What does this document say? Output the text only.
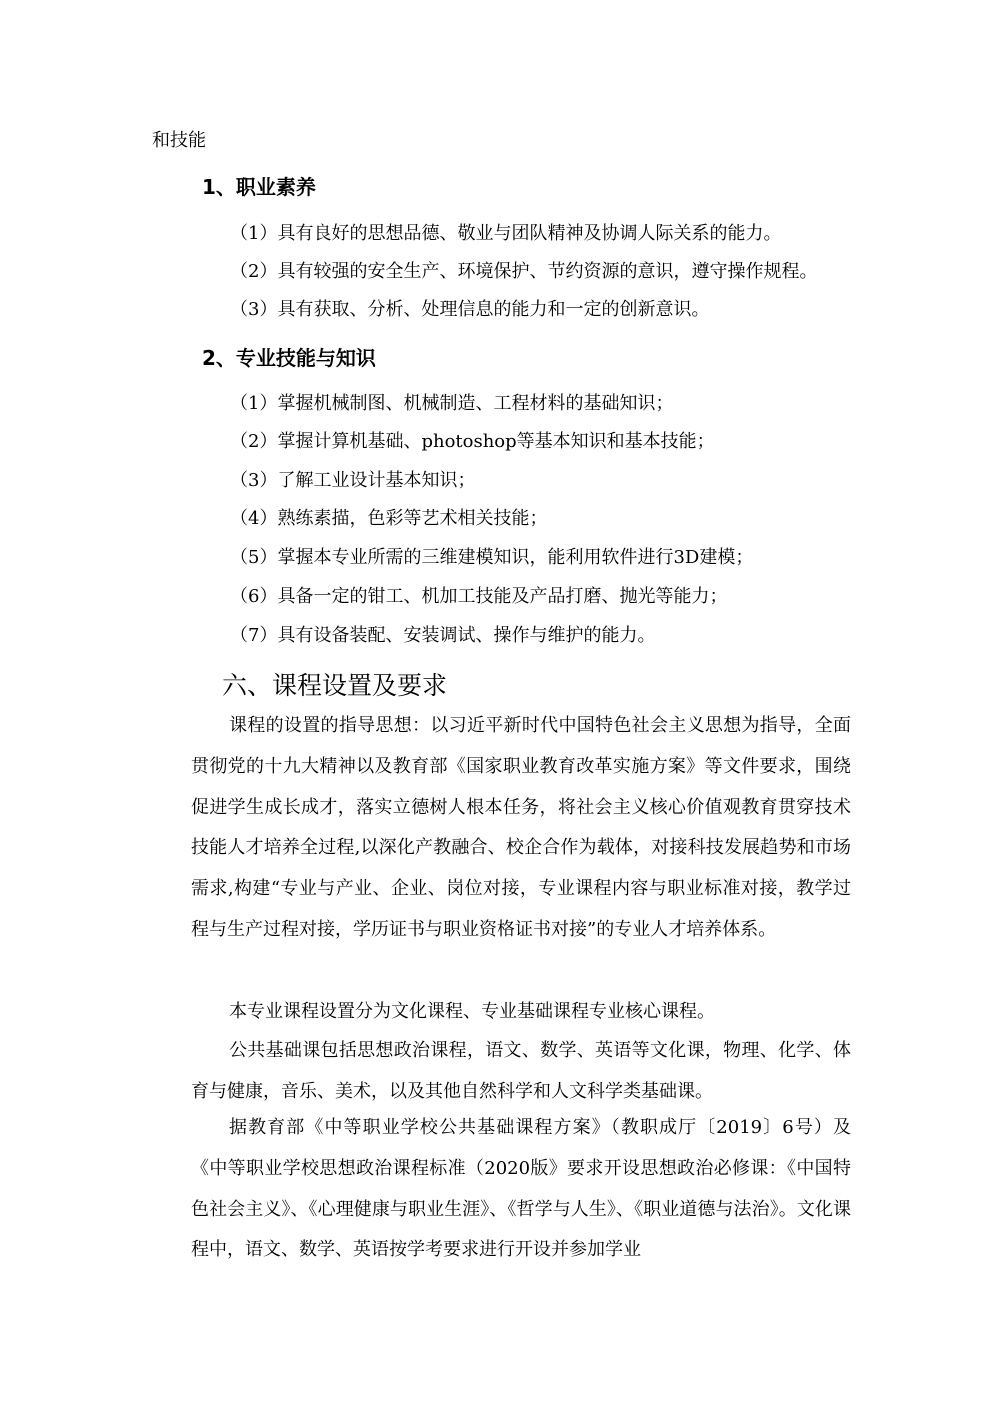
和技能
1、职业素养
（1）具有良好的思想品德、敬业与团队精神及协调人际关系的能力。
（2）具有较强的安全生产、环境保护、节约资源的意识，遵守操作规程。
（3）具有获取、分析、处理信息的能力和一定的创新意识。
2、专业技能与知识
（1）掌握机械制图、机械制造、工程材料的基础知识；
（2）掌握计算机基础、photoshop等基本知识和基本技能；
（3）了解工业设计基本知识；
（4）熟练素描，色彩等艺术相关技能；
（5）掌握本专业所需的三维建模知识，能利用软件进行3D建模；
（6）具备一定的钳工、机加工技能及产品打磨、抛光等能力；
（7）具有设备装配、安装调试、操作与维护的能力。
六、课程设置及要求

课程的设置的指导思想：以习近平新时代中国特色社会主义思想为指导，全面贯彻党的十九大精神以及教育部《国家职业教育改革实施方案》等文件要求，围绕促进学生成长成才，落实立德树人根本任务，将社会主义核心价值观教育贯穿技术技能人才培养全过程,以深化产教融合、校企合作为载体，对接科技发展趋势和市场需求,构建“专业与产业、企业、岗位对接，专业课程内容与职业标准对接，教学过程与生产过程对接，学历证书与职业资格证书对接”的专业人才培养体系。

本专业课程设置分为文化课程、专业基础课程专业核心课程。

公共基础课包括思想政治课程，语文、数学、英语等文化课，物理、化学、体育与健康，音乐、美术，以及其他自然科学和人文科学类基础课。

据教育部《中等职业学校公共基础课程方案》（教职成厅〔2019〕6号）及《中等职业学校思想政治课程标准（2020版》要求开设思想政治必修课：《中国特色社会主义》、《心理健康与职业生涯》、《哲学与人生》、《职业道德与法治》。文化课程中，语文、数学、英语按学考要求进行开设并参加学业
